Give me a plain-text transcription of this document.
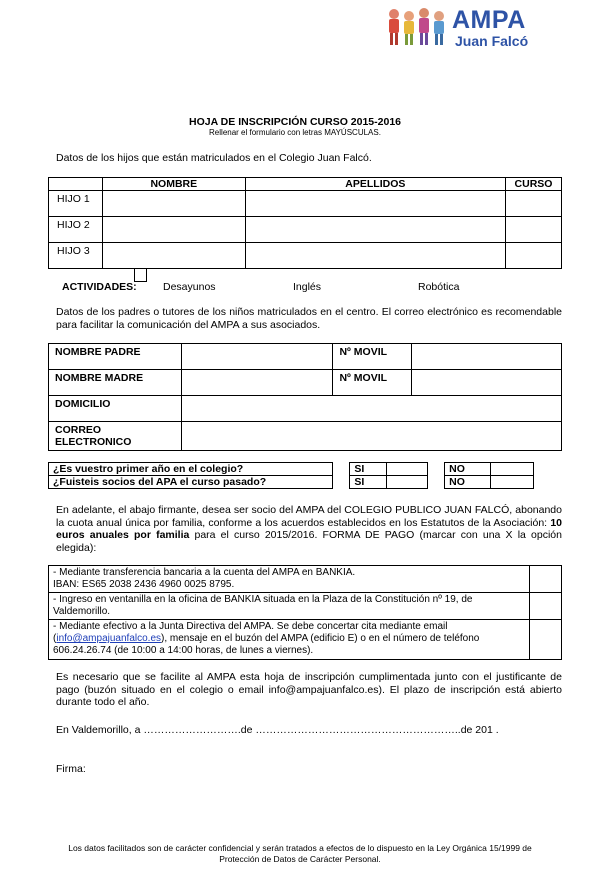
AMPA
Juan Falcó
HOJA DE INSCRIPCIÓN CURSO 2015-2016
Rellenar el formulario con letras MAYÚSCULAS.
Datos de los hijos que están matriculados en el Colegio Juan Falcó.
	NOMBRE	APELLIDOS	CURSO
HIJO 1			
HIJO 2			
HIJO 3			
ACTIVIDADES:	Desayunos	Inglés	Robótica
Datos de los padres o tutores de los niños matriculados en el centro. El correo electrónico es recomendable para facilitar la comunicación del AMPA a sus asociados.
NOMBRE PADRE		Nº MOVIL	
NOMBRE MADRE		Nº MOVIL	
DOMICILIO			
CORREO
ELECTRONICO			
¿Es vuestro primer año en el colegio?		SI			NO	
¿Fuisteis socios del APA el curso pasado?		SI			NO	
En adelante, el abajo firmante, desea ser socio del AMPA del COLEGIO PUBLICO JUAN FALCÓ, abonando la cuota anual única por familia, conforme a los acuerdos establecidos en los Estatutos de la Asociación: 10 euros anuales por familia para el curso 2015/2016. FORMA DE PAGO (marcar con una X la opción elegida):
- Mediante transferencia bancaria a la cuenta del AMPA en BANKIA.
IBAN: ES65 2038 2436 4960 0025 8795.	
- Ingreso en ventanilla en la oficina de BANKIA situada en la Plaza de la Constitución nº 19, de Valdemorillo.	
- Mediante efectivo a la Junta Directiva del AMPA. Se debe concertar cita mediante email (info@ampajuanfalco.es), mensaje en el buzón del AMPA (edificio E) o en el número de teléfono 606.24.26.74 (de 10:00 a 14:00 horas, de lunes a viernes).	
Es necesario que se facilite al AMPA esta hoja de inscripción cumplimentada junto con el justificante de pago (buzón situado en el colegio o email info@ampajuanfalco.es). El plazo de inscripción está abierto durante todo el año.
En Valdemorillo, a ……………………….de …………………………………………………..de 201 .
Firma:
Los datos facilitados son de carácter confidencial y serán tratados a efectos de lo dispuesto en la Ley Orgánica 15/1999 de Protección de Datos de Carácter Personal.
